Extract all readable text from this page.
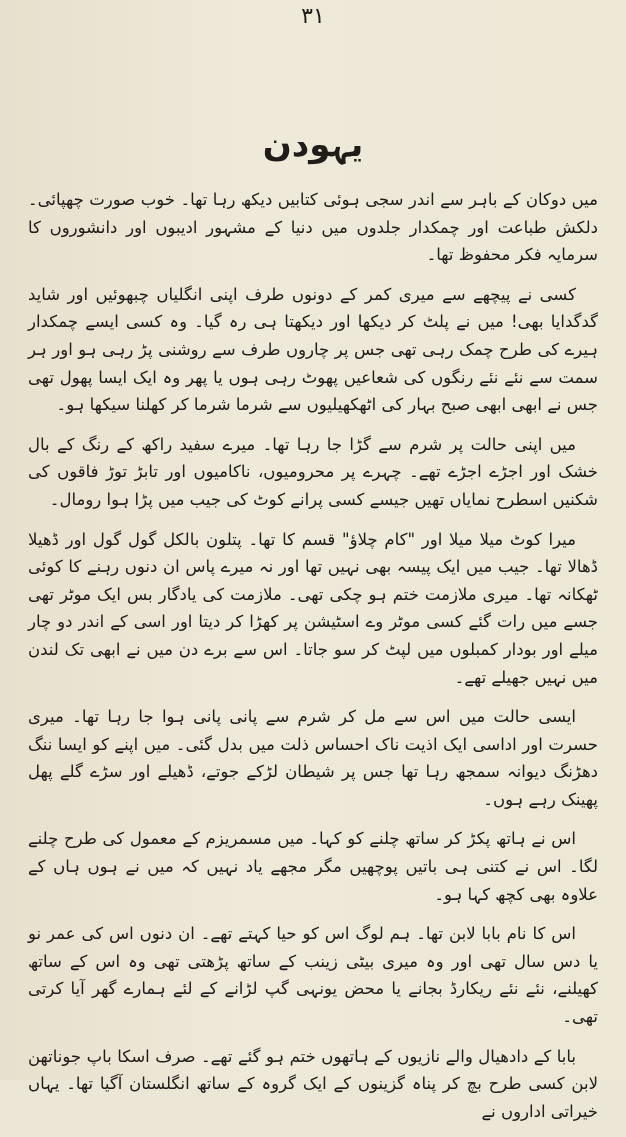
۳۱
یہودن

میں دوکان کے باہر سے اندر سجی ہوئی کتابیں دیکھ رہا تھا۔ خوب صورت چھپائی۔ دلکش طباعت اور چمکدار جلدوں میں دنیا کے مشہور ادیبوں اور دانشوروں کا سرمایہ فکر محفوظ تھا۔

کسی نے پیچھے سے میری کمر کے دونوں طرف اپنی انگلیاں چبھوئیں اور شاید گدگدایا بھی! میں نے پلٹ کر دیکھا اور دیکھتا ہی رہ گیا۔ وہ کسی ایسے چمکدار ہیرے کی طرح چمک رہی تھی جس پر چاروں طرف سے روشنی پڑ رہی ہو اور ہر سمت سے نئے نئے رنگوں کی شعاعیں پھوٹ رہی ہوں یا پھر وہ ایک ایسا پھول تھی جس نے ابھی ابھی صبح بہار کی اٹھکھیلیوں سے شرما شرما کر کھلنا سیکھا ہو۔

میں اپنی حالت پر شرم سے گڑا جا رہا تھا۔ میرے سفید راکھ کے رنگ کے بال خشک اور اجڑے اجڑے تھے۔ چہرے پر محرومیوں، ناکامیوں اور تابڑ توڑ فاقوں کی شکنیں اسطرح نمایاں تھیں جیسے کسی پرانے کوٹ کی جیب میں پڑا ہوا رومال۔

میرا کوٹ میلا میلا اور "کام چلاؤ" قسم کا تھا۔ پتلون بالکل گول گول اور ڈھیلا ڈھالا تھا۔ جیب میں ایک پیسہ بھی نہیں تھا اور نہ میرے پاس ان دنوں رہنے کا کوئی ٹھکانہ تھا۔ میری ملازمت ختم ہو چکی تھی۔ ملازمت کی یادگار بس ایک موٹر تھی جسے میں رات گئے کسی موٹر وے اسٹیشن پر کھڑا کر دیتا اور اسی کے اندر دو چار میلے اور بودار کمبلوں میں لپٹ کر سو جاتا۔ اس سے برے دن میں نے ابھی تک لندن میں نہیں جھیلے تھے۔

ایسی حالت میں اس سے مل کر شرم سے پانی پانی ہوا جا رہا تھا۔ میری حسرت اور اداسی ایک اذیت ناک احساس ذلت میں بدل گئی۔ میں اپنے کو ایسا ننگ دھڑنگ دیوانہ سمجھ رہا تھا جس پر شیطان لڑکے جوتے، ڈھیلے اور سڑے گلے پھل پھینک رہے ہوں۔

اس نے ہاتھ پکڑ کر ساتھ چلنے کو کہا۔ میں مسمریزم کے معمول کی طرح چلنے لگا۔ اس نے کتنی ہی باتیں پوچھیں مگر مجھے یاد نہیں کہ میں نے ہوں ہاں کے علاوہ بھی کچھ کہا ہو۔

اس کا نام بابا لابن تھا۔ ہم لوگ اس کو حیا کہتے تھے۔ ان دنوں اس کی عمر نو یا دس سال تھی اور وہ میری بیٹی زینب کے ساتھ پڑھتی تھی وہ اس کے ساتھ کھیلنے، نئے نئے ریکارڈ بجانے یا محض یونہی گپ لڑانے کے لئے ہمارے گھر آیا کرتی تھی۔

بابا کے دادھیال والے نازیوں کے ہاتھوں ختم ہو گئے تھے۔ صرف اسکا باپ جوناتھن لابن کسی طرح بچ کر پناہ گزینوں کے ایک گروہ کے ساتھ انگلستان آگیا تھا۔ یہاں خیراتی اداروں نے
